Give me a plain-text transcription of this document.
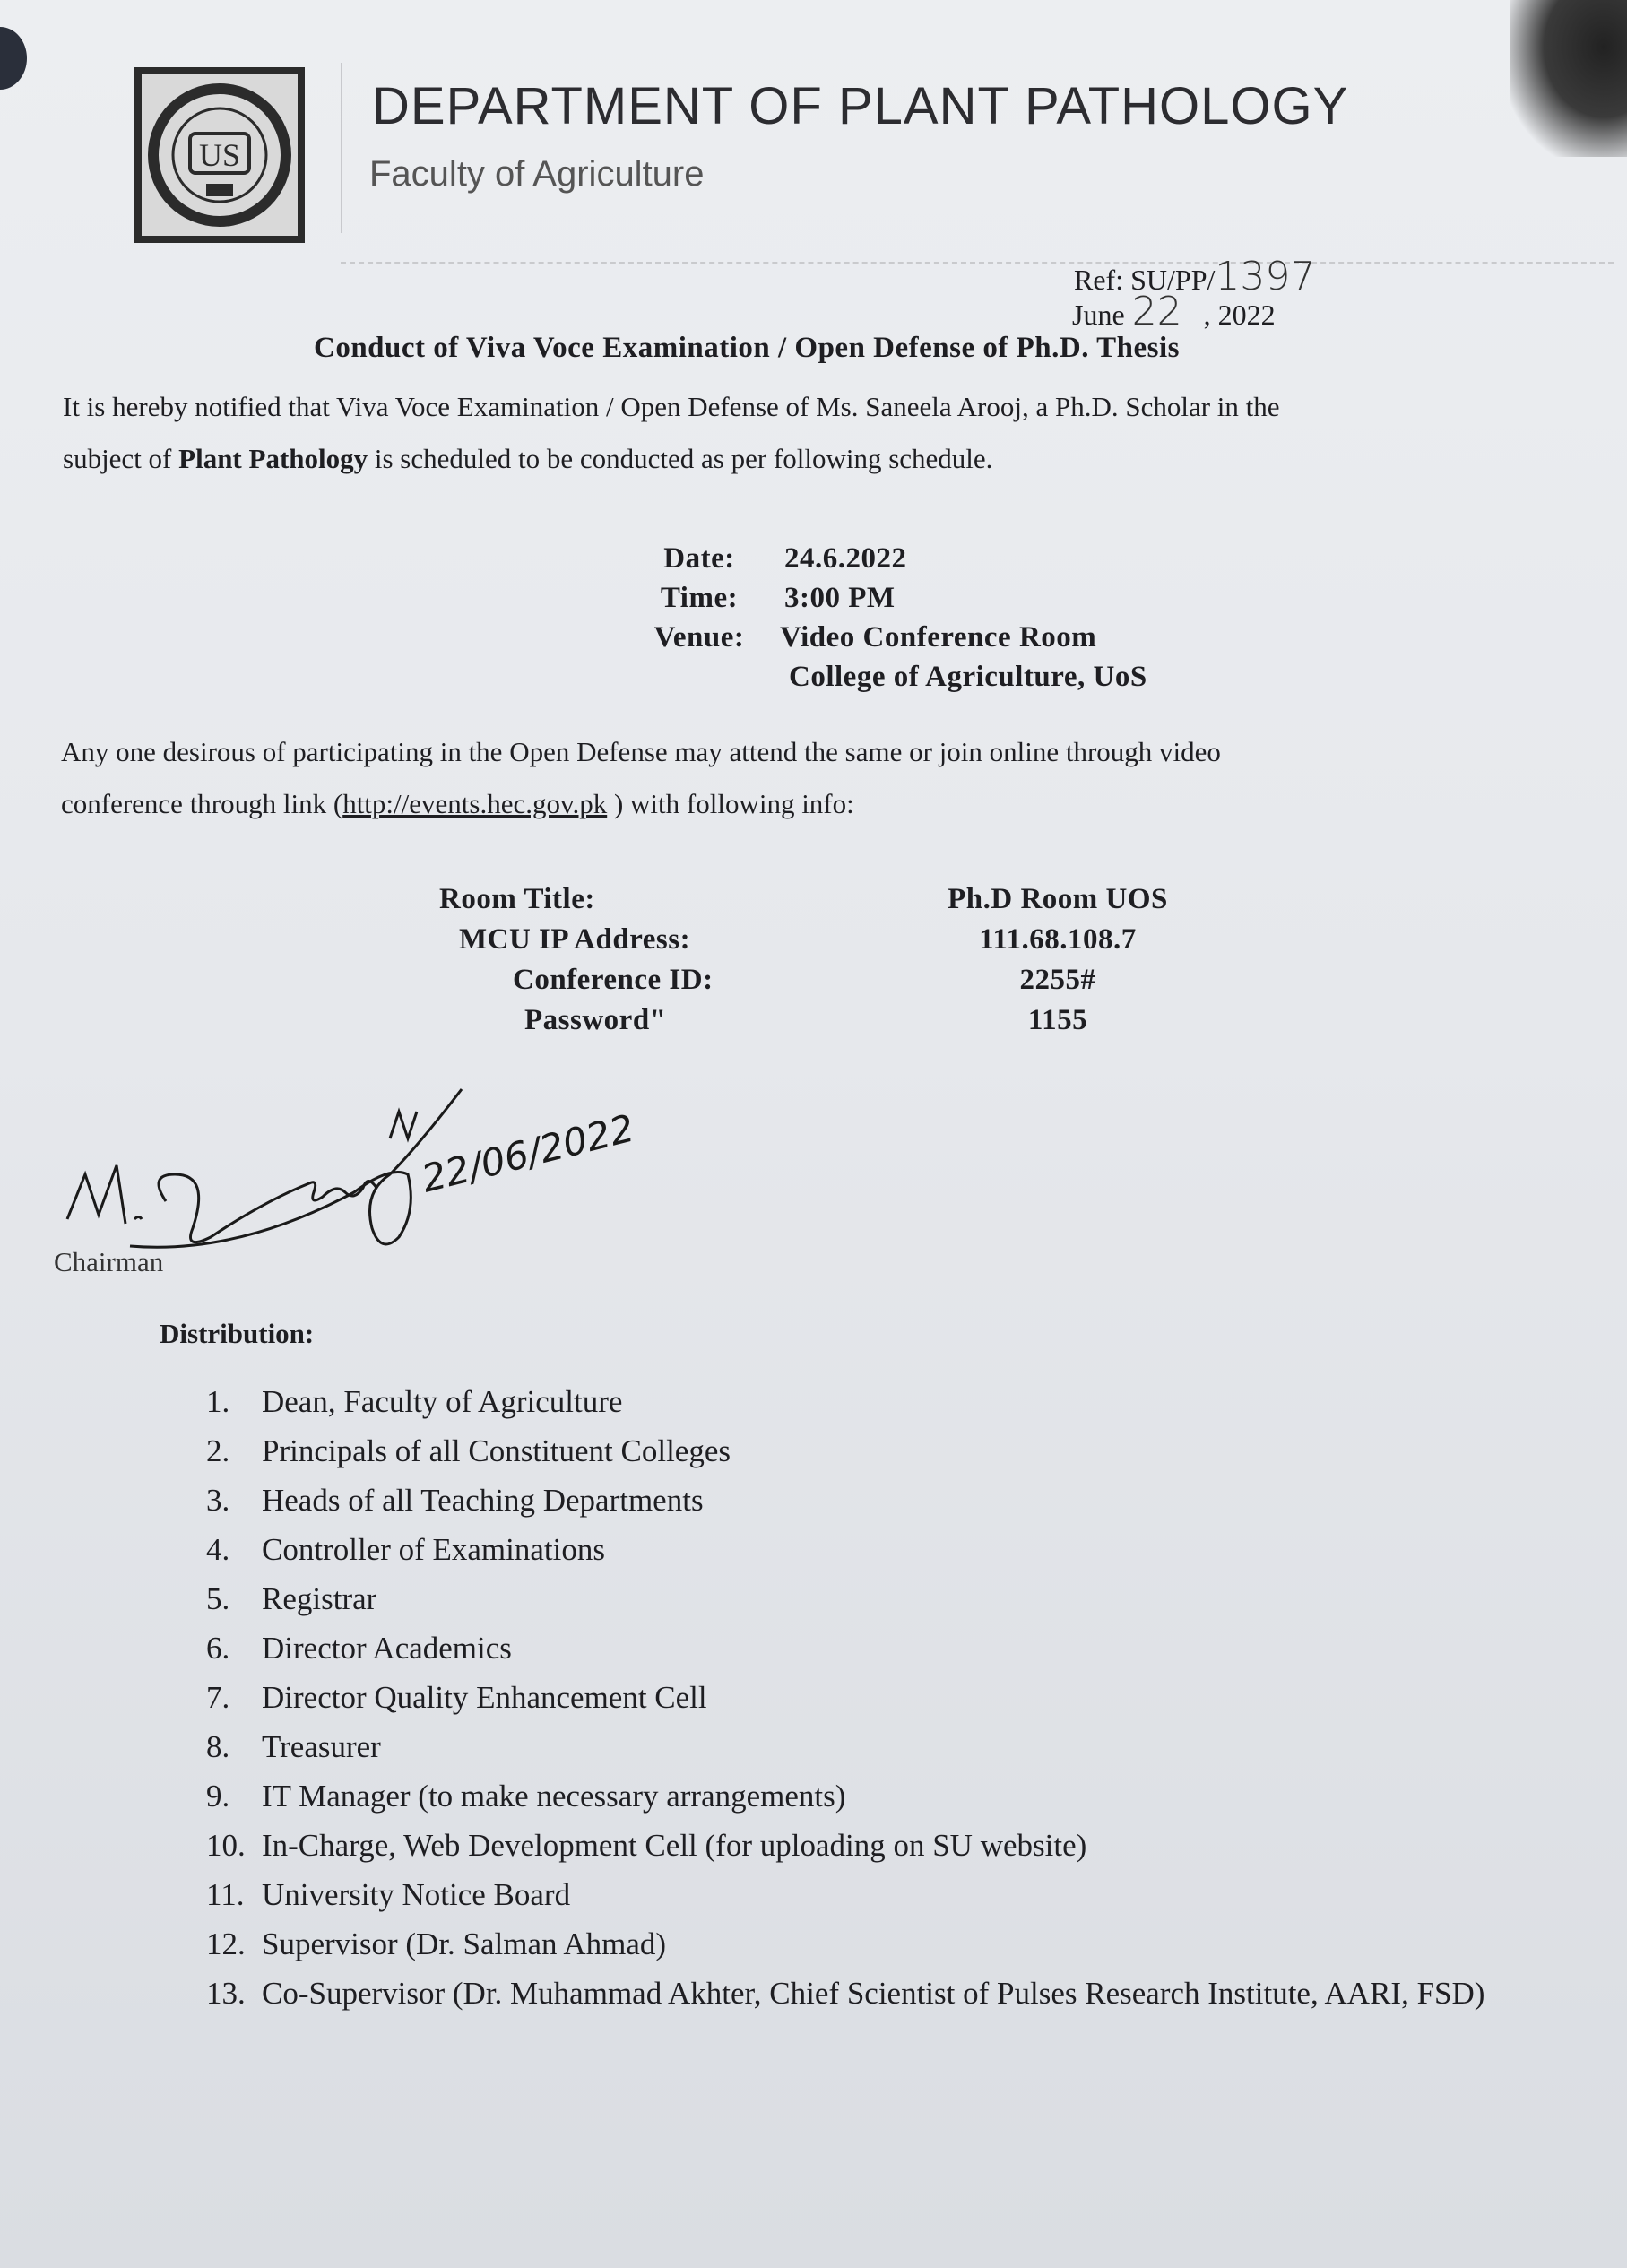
US
DEPARTMENT OF PLANT PATHOLOGY
Faculty of Agriculture
Ref: SU/PP/1397
June 22 , 2022
Conduct of Viva Voce Examination / Open Defense of Ph.D. Thesis
It is hereby notified that Viva Voce Examination / Open Defense of Ms. Saneela Arooj, a Ph.D. Scholar in the
subject of Plant Pathology is scheduled to be conducted as per following schedule.
Date:	24.6.2022
Time:	3:00 PM
Venue:	Video Conference Room
College of Agriculture, UoS
Any one desirous of participating in the Open Defense may attend the same or join online through video
conference through link (http://events.hec.gov.pk ) with following info:
Room Title:	Ph.D Room UOS
MCU IP Address:	111.68.108.7
Conference ID:	2255#
Password"	1155
22/06/2022
Chairman
Distribution:
1.	Dean, Faculty of Agriculture
2.	Principals of all Constituent Colleges
3.	Heads of all Teaching Departments
4.	Controller of Examinations
5.	Registrar
6.	Director Academics
7.	Director Quality Enhancement Cell
8.	Treasurer
9.	IT Manager (to make necessary arrangements)
10. In-Charge, Web Development Cell (for uploading on SU website)
11. University Notice Board
12. Supervisor (Dr. Salman Ahmad)
13. Co-Supervisor (Dr. Muhammad Akhter, Chief Scientist of Pulses Research Institute, AARI, FSD)
